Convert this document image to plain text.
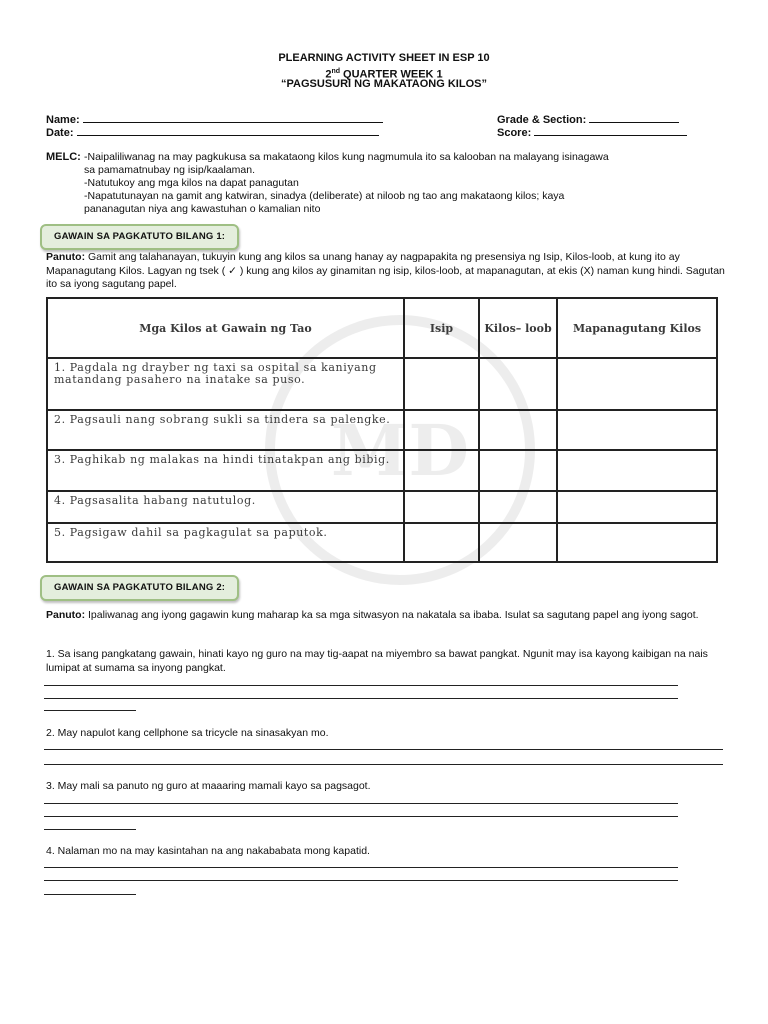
PLEARNING ACTIVITY SHEET IN ESP 10
2nd QUARTER WEEK 1
“PAGSUSURI NG MAKATAONG KILOS”
Name:
Date:
Grade & Section:
Score:
MELC: -Naipaliliwanag na may pagkukusa sa makataong kilos kung nagmumula ito sa kalooban na malayang isinagawa
sa pamamatnubay ng isip/kaalaman.
-Natutukoy ang mga kilos na dapat panagutan
-Napatutunayan na gamit ang katwiran, sinadya (deliberate) at niloob ng tao ang makataong kilos; kaya
pananagutan niya ang kawastuhan o kamalian nito
GAWAIN SA PAGKATUTO BILANG 1:
Panuto: Gamit ang talahanayan, tukuyin kung ang kilos sa unang hanay ay nagpapakita ng presensiya ng Isip, Kilos-loob, at kung ito ay Mapanagutang Kilos. Lagyan ng tsek ( ✓ ) kung ang kilos ay ginamitan ng isip, kilos-loob, at mapanagutan, at ekis (X) naman kung hindi. Sagutan ito sa iyong sagutang papel.
MD
Mga Kilos at Gawain ng Tao	Isip	Kilos– loob	Mapanagutang Kilos
1. Pagdala ng drayber ng taxi sa ospital sa kaniyang matandang pasahero na inatake sa puso.			
2. Pagsauli nang sobrang sukli sa tindera sa palengke.			
3. Paghikab ng malakas na hindi tinatakpan ang bibig.			
4. Pagsasalita habang natutulog.			
5. Pagsigaw dahil sa pagkagulat sa paputok.			
GAWAIN SA PAGKATUTO BILANG 2:
Panuto: Ipaliwanag ang iyong gagawin kung maharap ka sa mga sitwasyon na nakatala sa ibaba. Isulat sa sagutang papel ang iyong sagot.
1. Sa isang pangkatang gawain, hinati kayo ng guro na may tig-aapat na miyembro sa bawat pangkat. Ngunit may isa kayong kaibigan na nais lumipat at sumama sa inyong pangkat.
2. May napulot kang cellphone sa tricycle na sinasakyan mo.
3. May mali sa panuto ng guro at maaaring mamali kayo sa pagsagot.
4. Nalaman mo na may kasintahan na ang nakababata mong kapatid.
